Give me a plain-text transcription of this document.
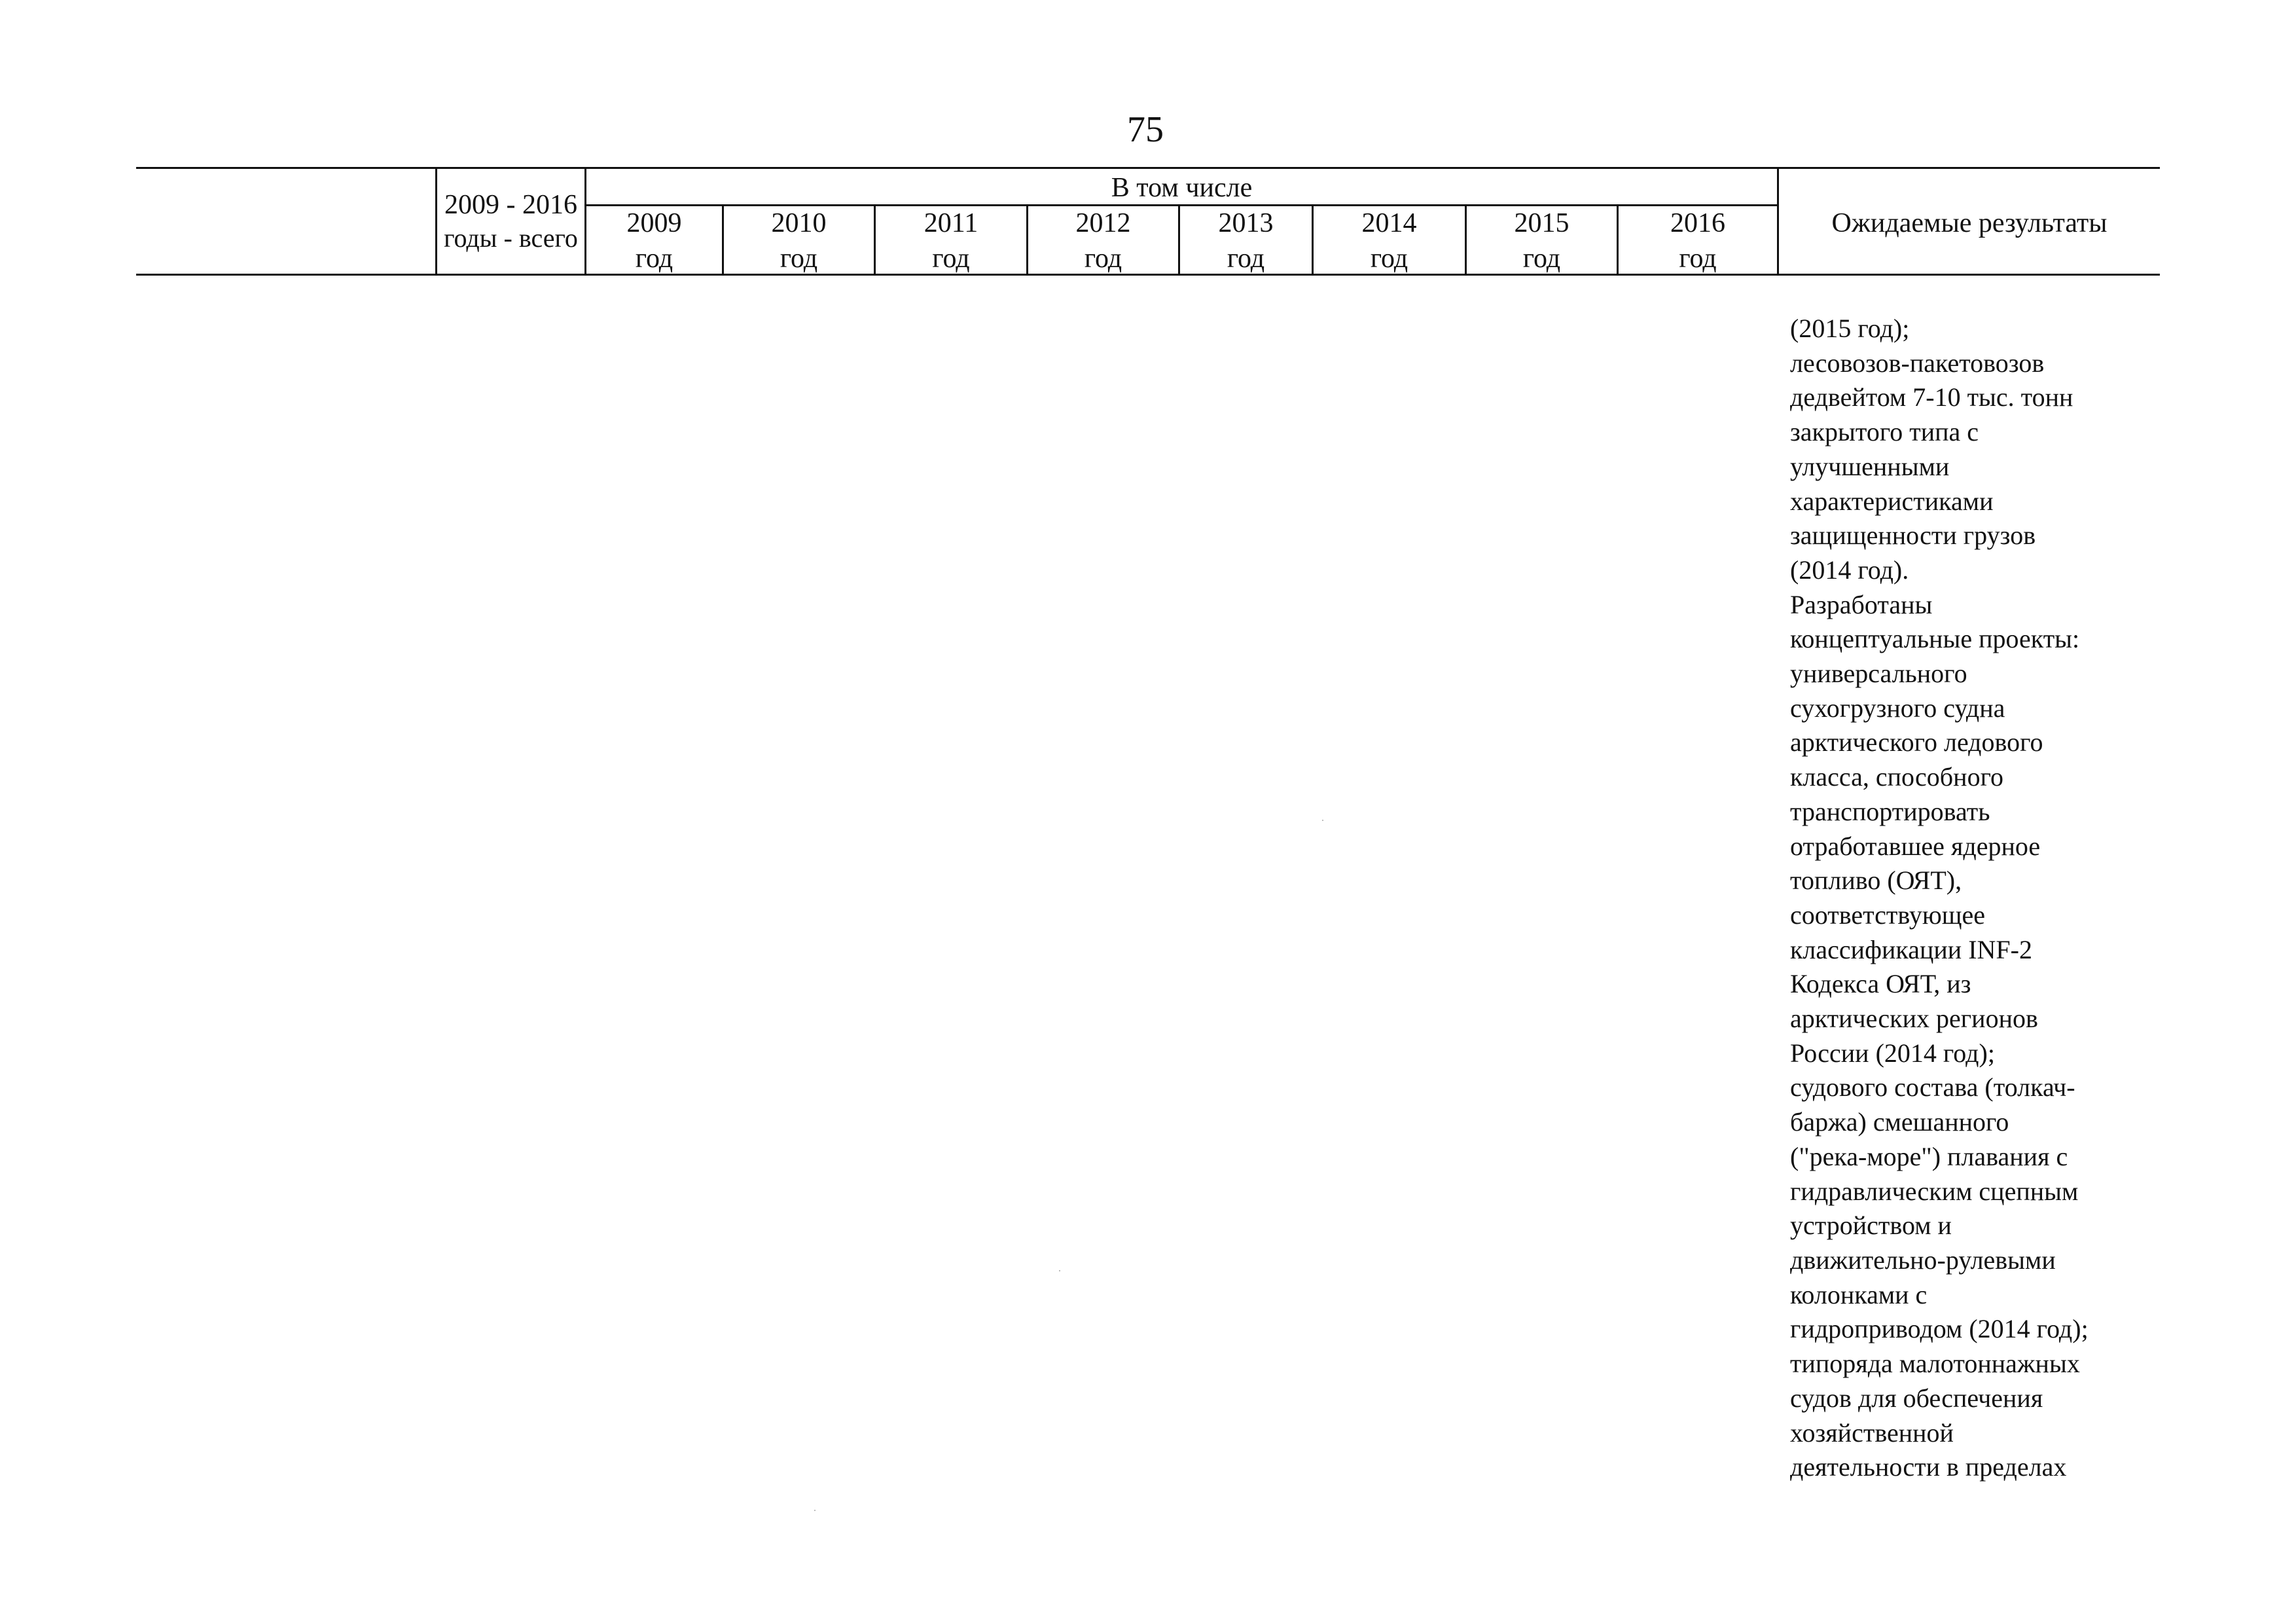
75
2009 - 2016
годы - всего
В том числе
2009
год
2010
год
2011
год
2012
год
2013
год
2014
год
2015
год
2016
год
Ожидаемые результаты
(2015 год);
лесовозов-пакетовозов
дедвейтом 7-10 тыс. тонн
закрытого типа с
улучшенными
характеристиками
защищенности грузов
(2014 год).
Разработаны
концептуальные проекты:
универсального
сухогрузного судна
арктического ледового
класса, способного
транспортировать
отработавшее ядерное
топливо (ОЯТ),
соответствующее
классификации INF-2
Кодекса ОЯТ, из
арктических регионов
России (2014 год);
судового состава (толкач-
баржа) смешанного
("река-море") плавания с
гидравлическим сцепным
устройством и
движительно-рулевыми
колонками с
гидроприводом (2014 год);
типоряда малотоннажных
судов для обеспечения
хозяйственной
деятельности в пределах
